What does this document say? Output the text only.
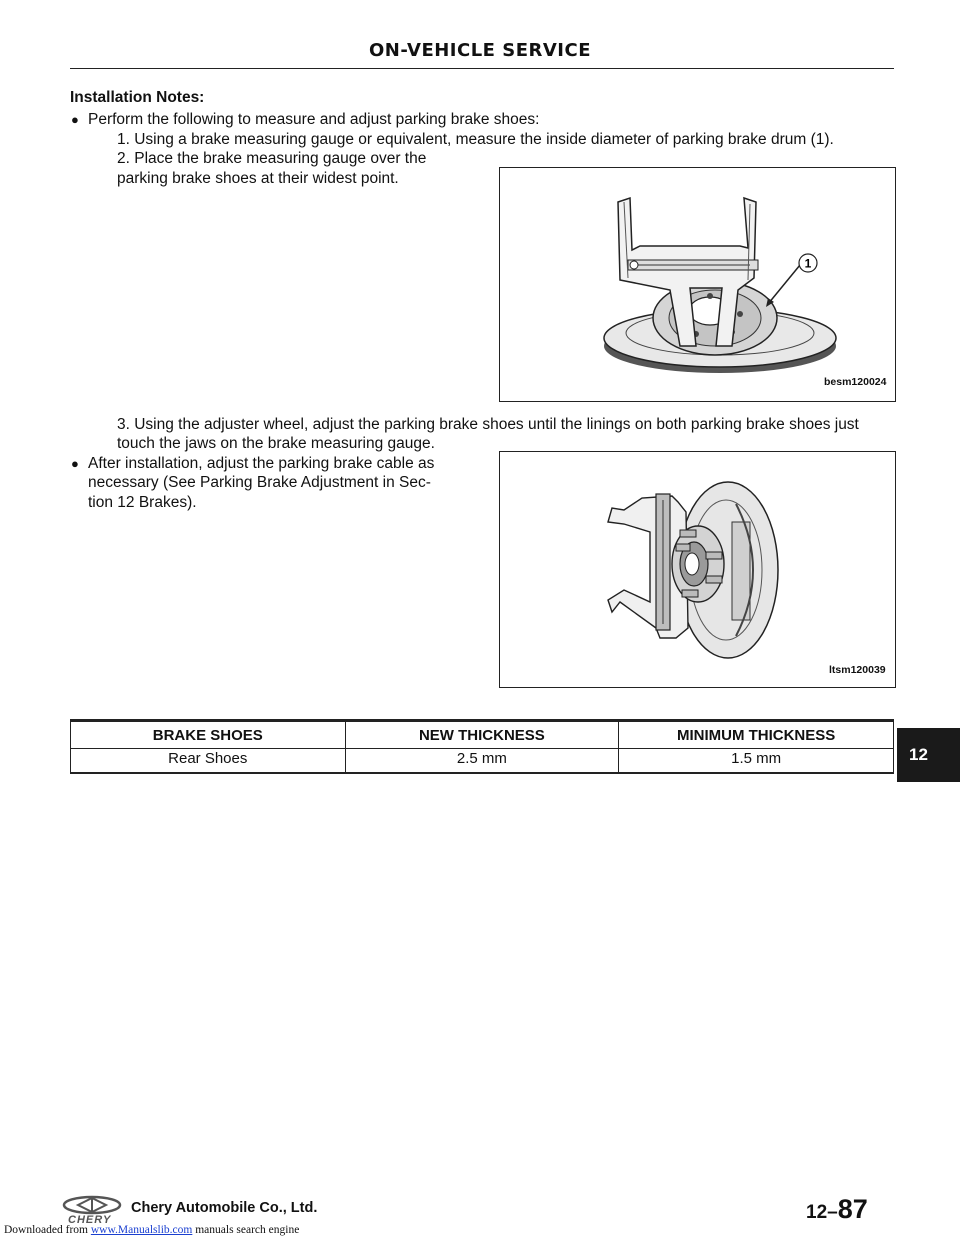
ON-VEHICLE SERVICE
Installation Notes:
● Perform the following to measure and adjust parking brake shoes:
1. Using a brake measuring gauge or equivalent, measure the inside diameter of parking brake drum (1).
2. Place the brake measuring gauge over the
parking brake shoes at their widest point.
1
besm120024
3. Using the adjuster wheel, adjust the parking brake shoes until the linings on both parking brake shoes just
touch the jaws on the brake measuring gauge.
● After installation, adjust the parking brake cable as
necessary (See Parking Brake Adjustment in Sec-
tion 12 Brakes).
ltsm120039
BRAKE SHOES	NEW THICKNESS	MINIMUM THICKNESS
Rear Shoes	2.5 mm	1.5 mm	12
CHERY
Chery Automobile Co., Ltd.	12–87
Downloaded from www.Manualslib.com manuals search engine
